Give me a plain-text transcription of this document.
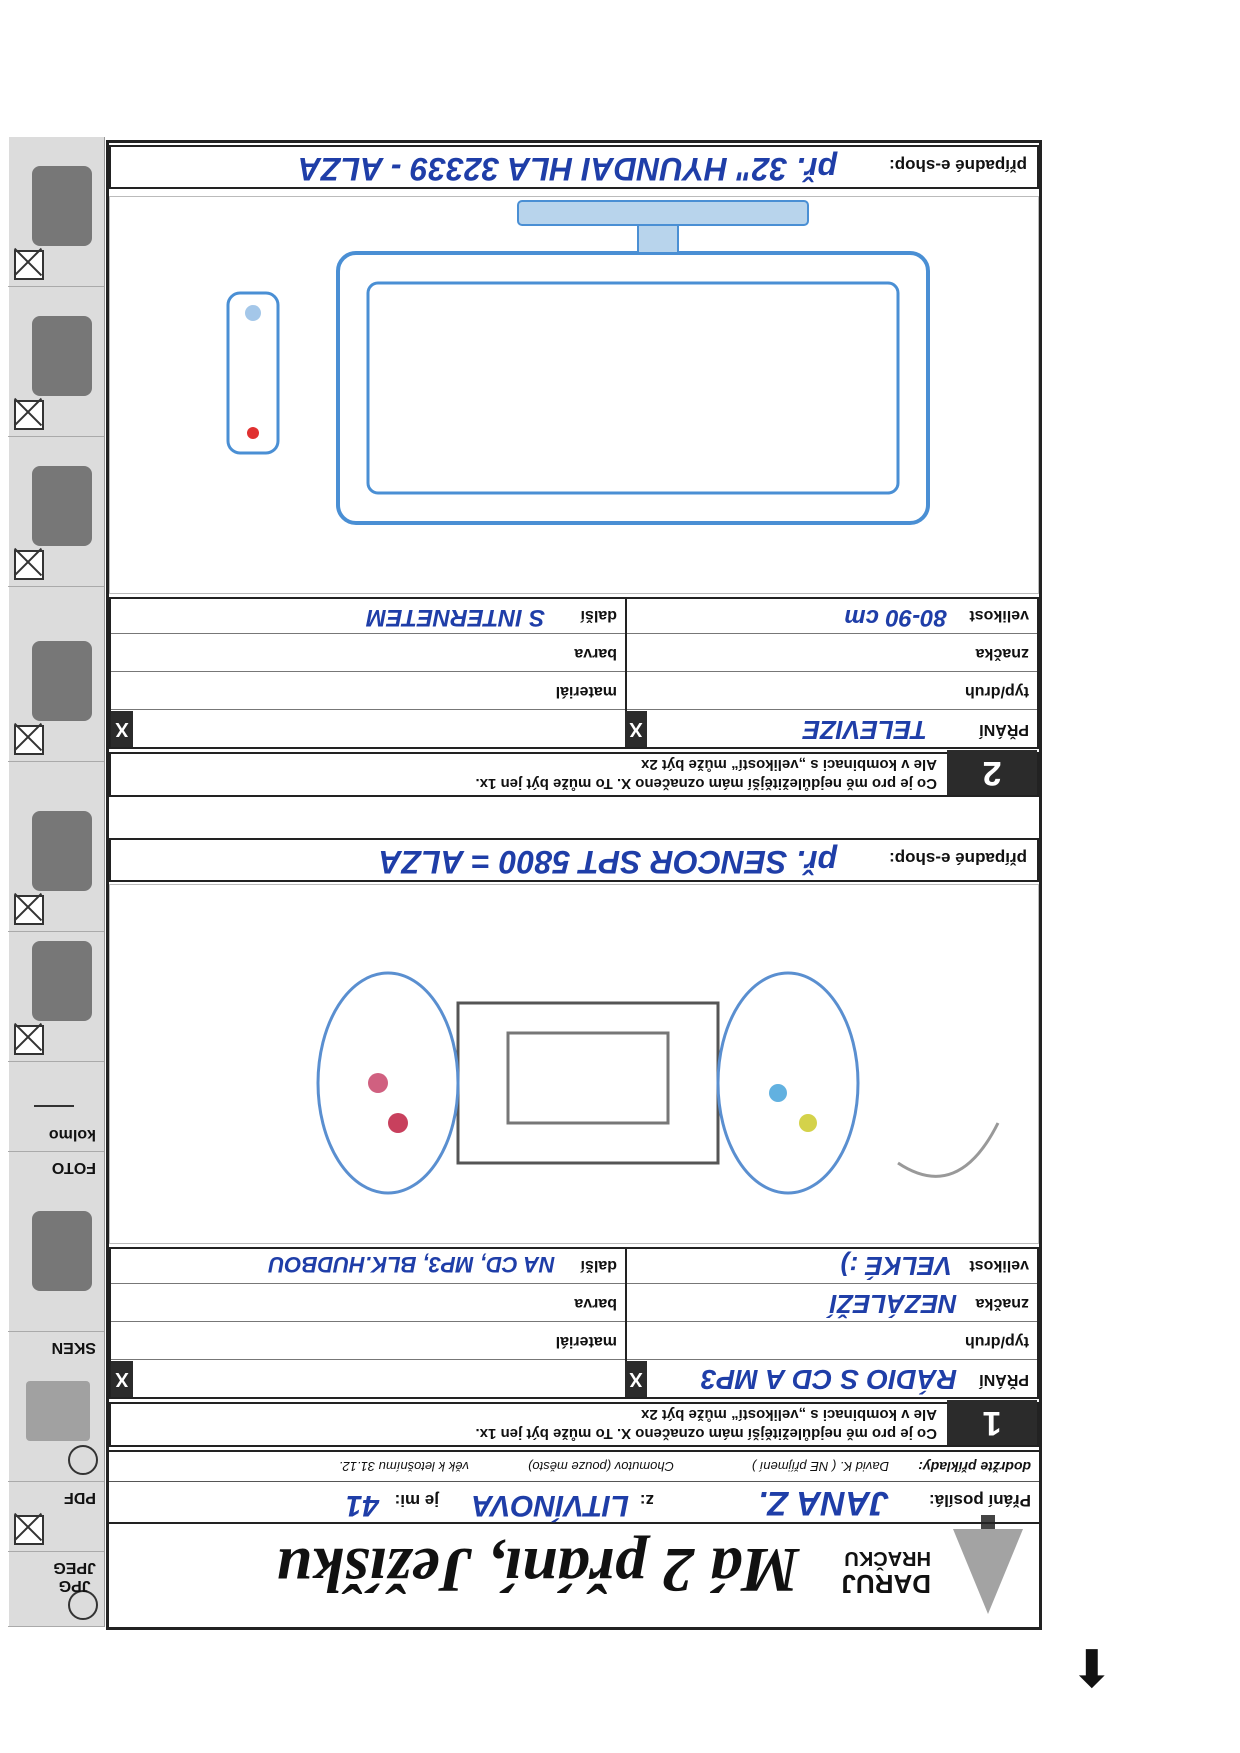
DARUJ
HRAČKU
Má 2 přání, Ježíšku
Přání posílá:
JANA Z.
z:
LITVÍNOVA
je mi:
41
dodržte příklady:
David K. ( NE příjmení )
Chomutov (pouze město)
věk k letošnímu 31.12.
1
Co je pro mě nejdůležitější mám označeno X. To může být jen 1x.
Ale v kombinaci s „velikostí“ může být 2x
PŘÁNÍ
RÁDIO S CD A MP3
typ/druh
značka
NEZÁLEŽÍ
velikost
VELKÉ :)
X
materiál
barva
další
NA CD, MP3, BLK.HUDBOU
X
případné e-shop:
př. SENCOR SPT 5800 = ALZA
2
Co je pro mě nejdůležitější mám označeno X. To může být jen 1x.
Ale v kombinaci s „velikostí“ může být 2x
PŘÁNÍ
TELEVIZE
typ/druh
značka
velikost
80-90 cm
X
materiál
barva
další
S INTERNETEM
X
případné e-shop:
př. 32" HYUNDAI HLA 32339 - ALZA
JPG
JPEG
PDF
SKEN
FOTO
kolmo
⬇
